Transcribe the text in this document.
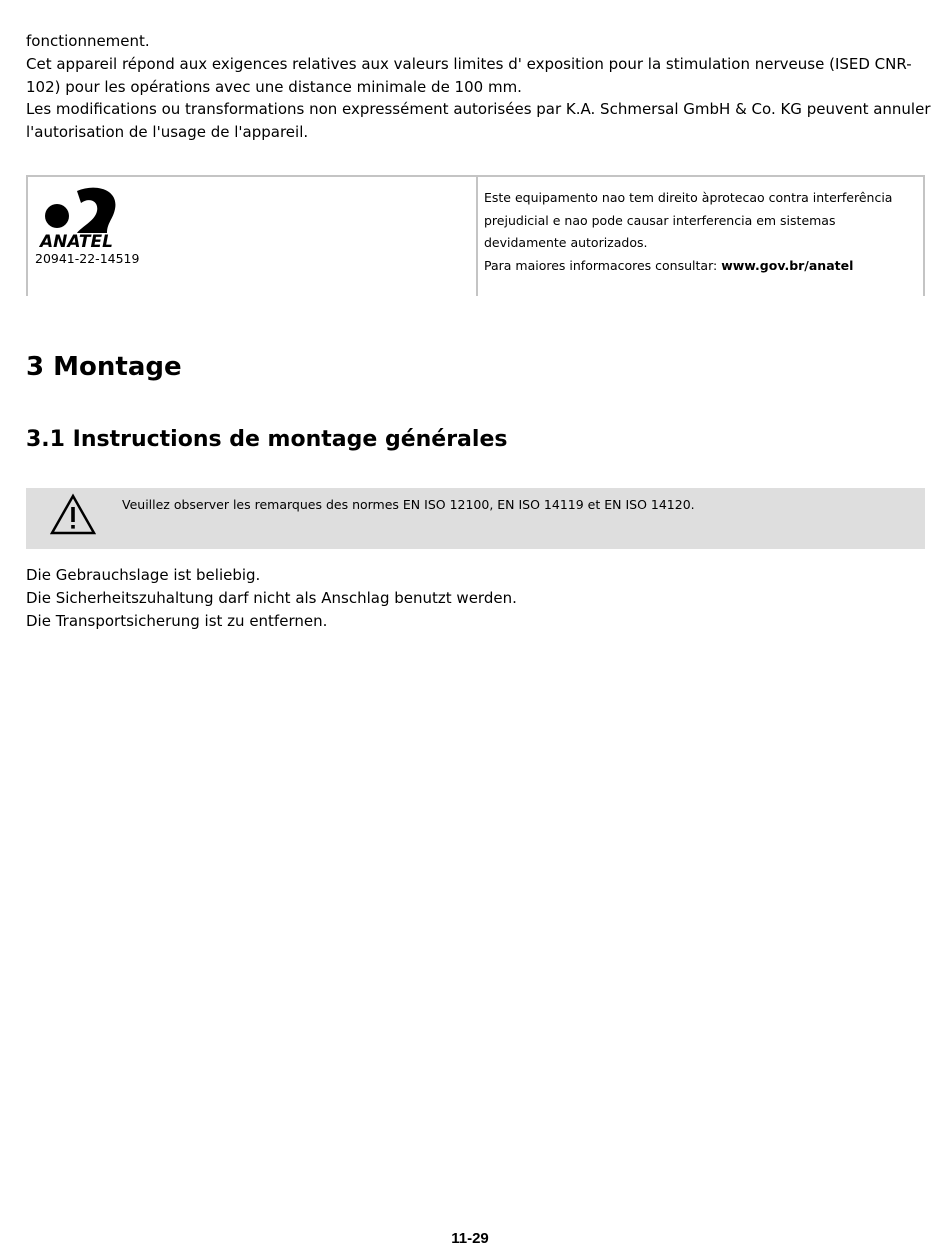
fonctionnement.

Cet appareil répond aux exigences relatives aux valeurs limites d' exposition pour la stimulation nerveuse (ISED CNR-102) pour les opérations avec une distance minimale de 100 mm.

Les modifications ou transformations non expressément autorisées par K.A. Schmersal GmbH & Co. KG peuvent annuler l'autorisation de l'usage de l'appareil.

ANATEL
20941-22-14519

Este equipamento nao tem direito àprotecao contra interferência

prejudicial e nao pode causar interferencia em sistemas

devidamente autorizados.

Para maiores informacores consultar: www.gov.br/anatel

3 Montage
3.1 Instructions de montage générales
Veuillez observer les remarques des normes EN ISO 12100, EN ISO 14119 et EN ISO 14120.

Die Gebrauchslage ist beliebig.

Die Sicherheitszuhaltung darf nicht als Anschlag benutzt werden.

Die Transportsicherung ist zu entfernen.

11-29
